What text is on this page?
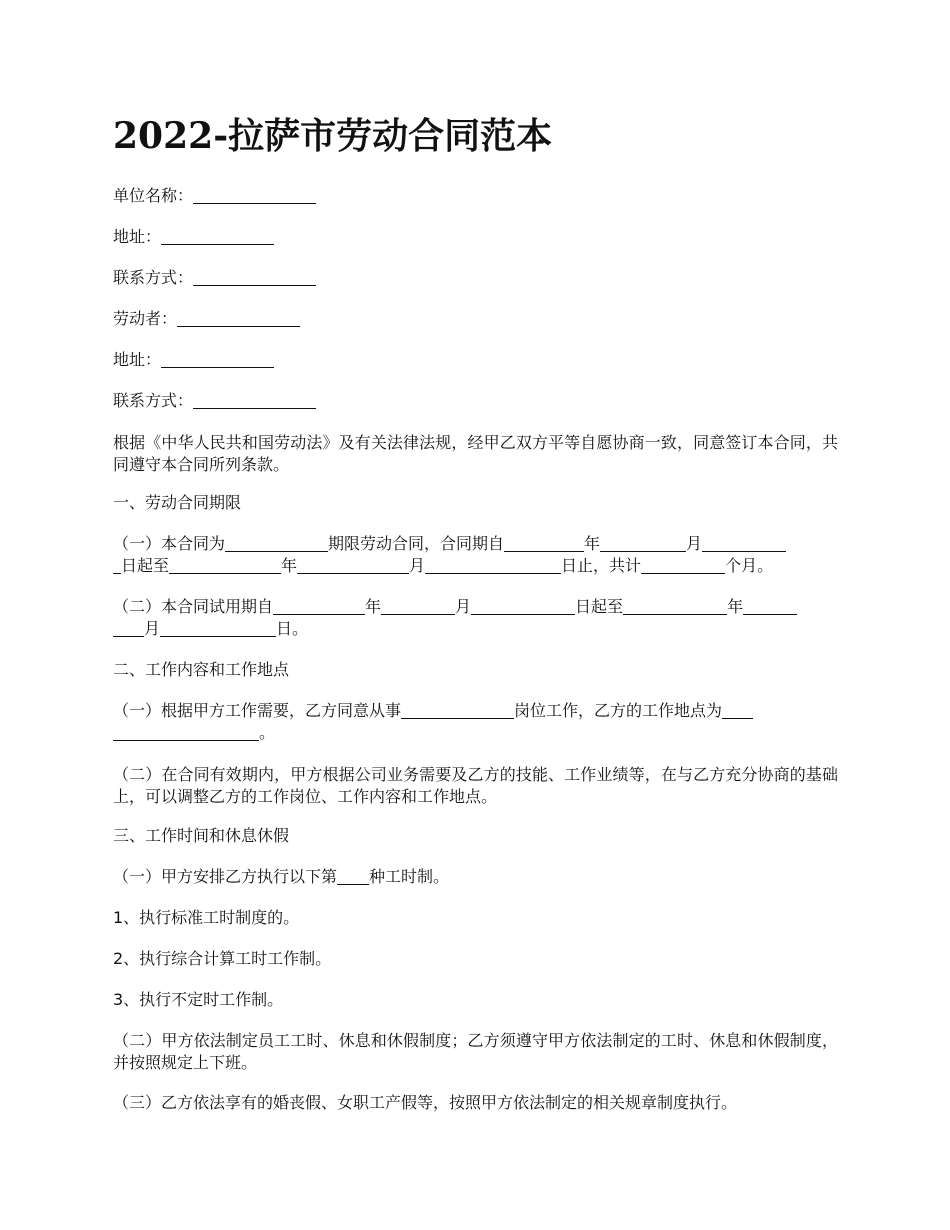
2022-拉萨市劳动合同范本

单位名称：

地址：

联系方式：

劳动者：

地址：

联系方式：

根据《中华人民共和国劳动法》及有关法律法规，经甲乙双方平等自愿协商一致，同意签订本合同，共同遵守本合同所列条款。

一、劳动合同期限

（一）本合同为	期限劳动合同，合同期自	年	月

日起至	年	月	日止，共计	个月。

（二）本合同试用期自	年	月	日起至	年

月	日。

二、工作内容和工作地点

（一）根据甲方工作需要，乙方同意从事	岗位工作，乙方的工作地点为

。

（二）在合同有效期内，甲方根据公司业务需要及乙方的技能、工作业绩等，在与乙方充分协商的基础上，可以调整乙方的工作岗位、工作内容和工作地点。

三、工作时间和休息休假

（一）甲方安排乙方执行以下第 种工时制。

1、执行标准工时制度的。

2、执行综合计算工时工作制。

3、执行不定时工作制。

（二）甲方依法制定员工工时、休息和休假制度；乙方须遵守甲方依法制定的工时、休息和休假制度，并按照规定上下班。

（三）乙方依法享有的婚丧假、女职工产假等，按照甲方依法制定的相关规章制度执行。
